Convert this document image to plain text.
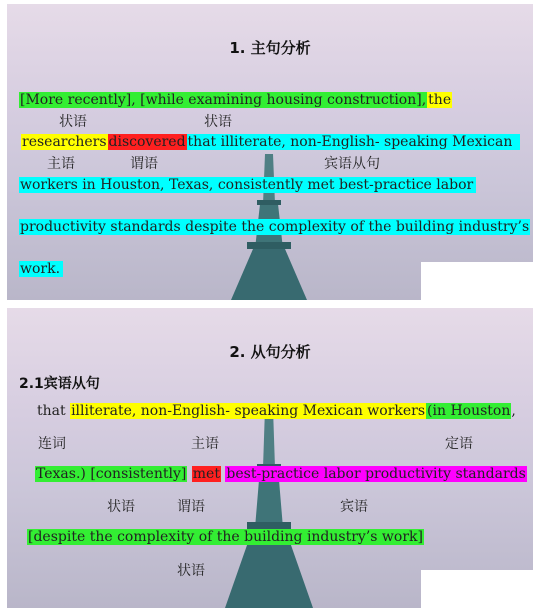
1. 主句分析
[More recently], [while examining housing construction], the
状语	状语
researchers discovered that illiterate, non-English- speaking Mexican
主语	谓语	宾语从句
workers in Houston, Texas, consistently met best-practice labor
productivity standards despite the complexity of the building industry’s
work.
2. 从句分析
2.1宾语从句
that illiterate, non-English- speaking Mexican workers (in Houston,
连词	主语	定语
Texas.) [consistently] met best-practice labor productivity standards
状语	谓语	宾语
[despite the complexity of the building industry’s work]
状语
